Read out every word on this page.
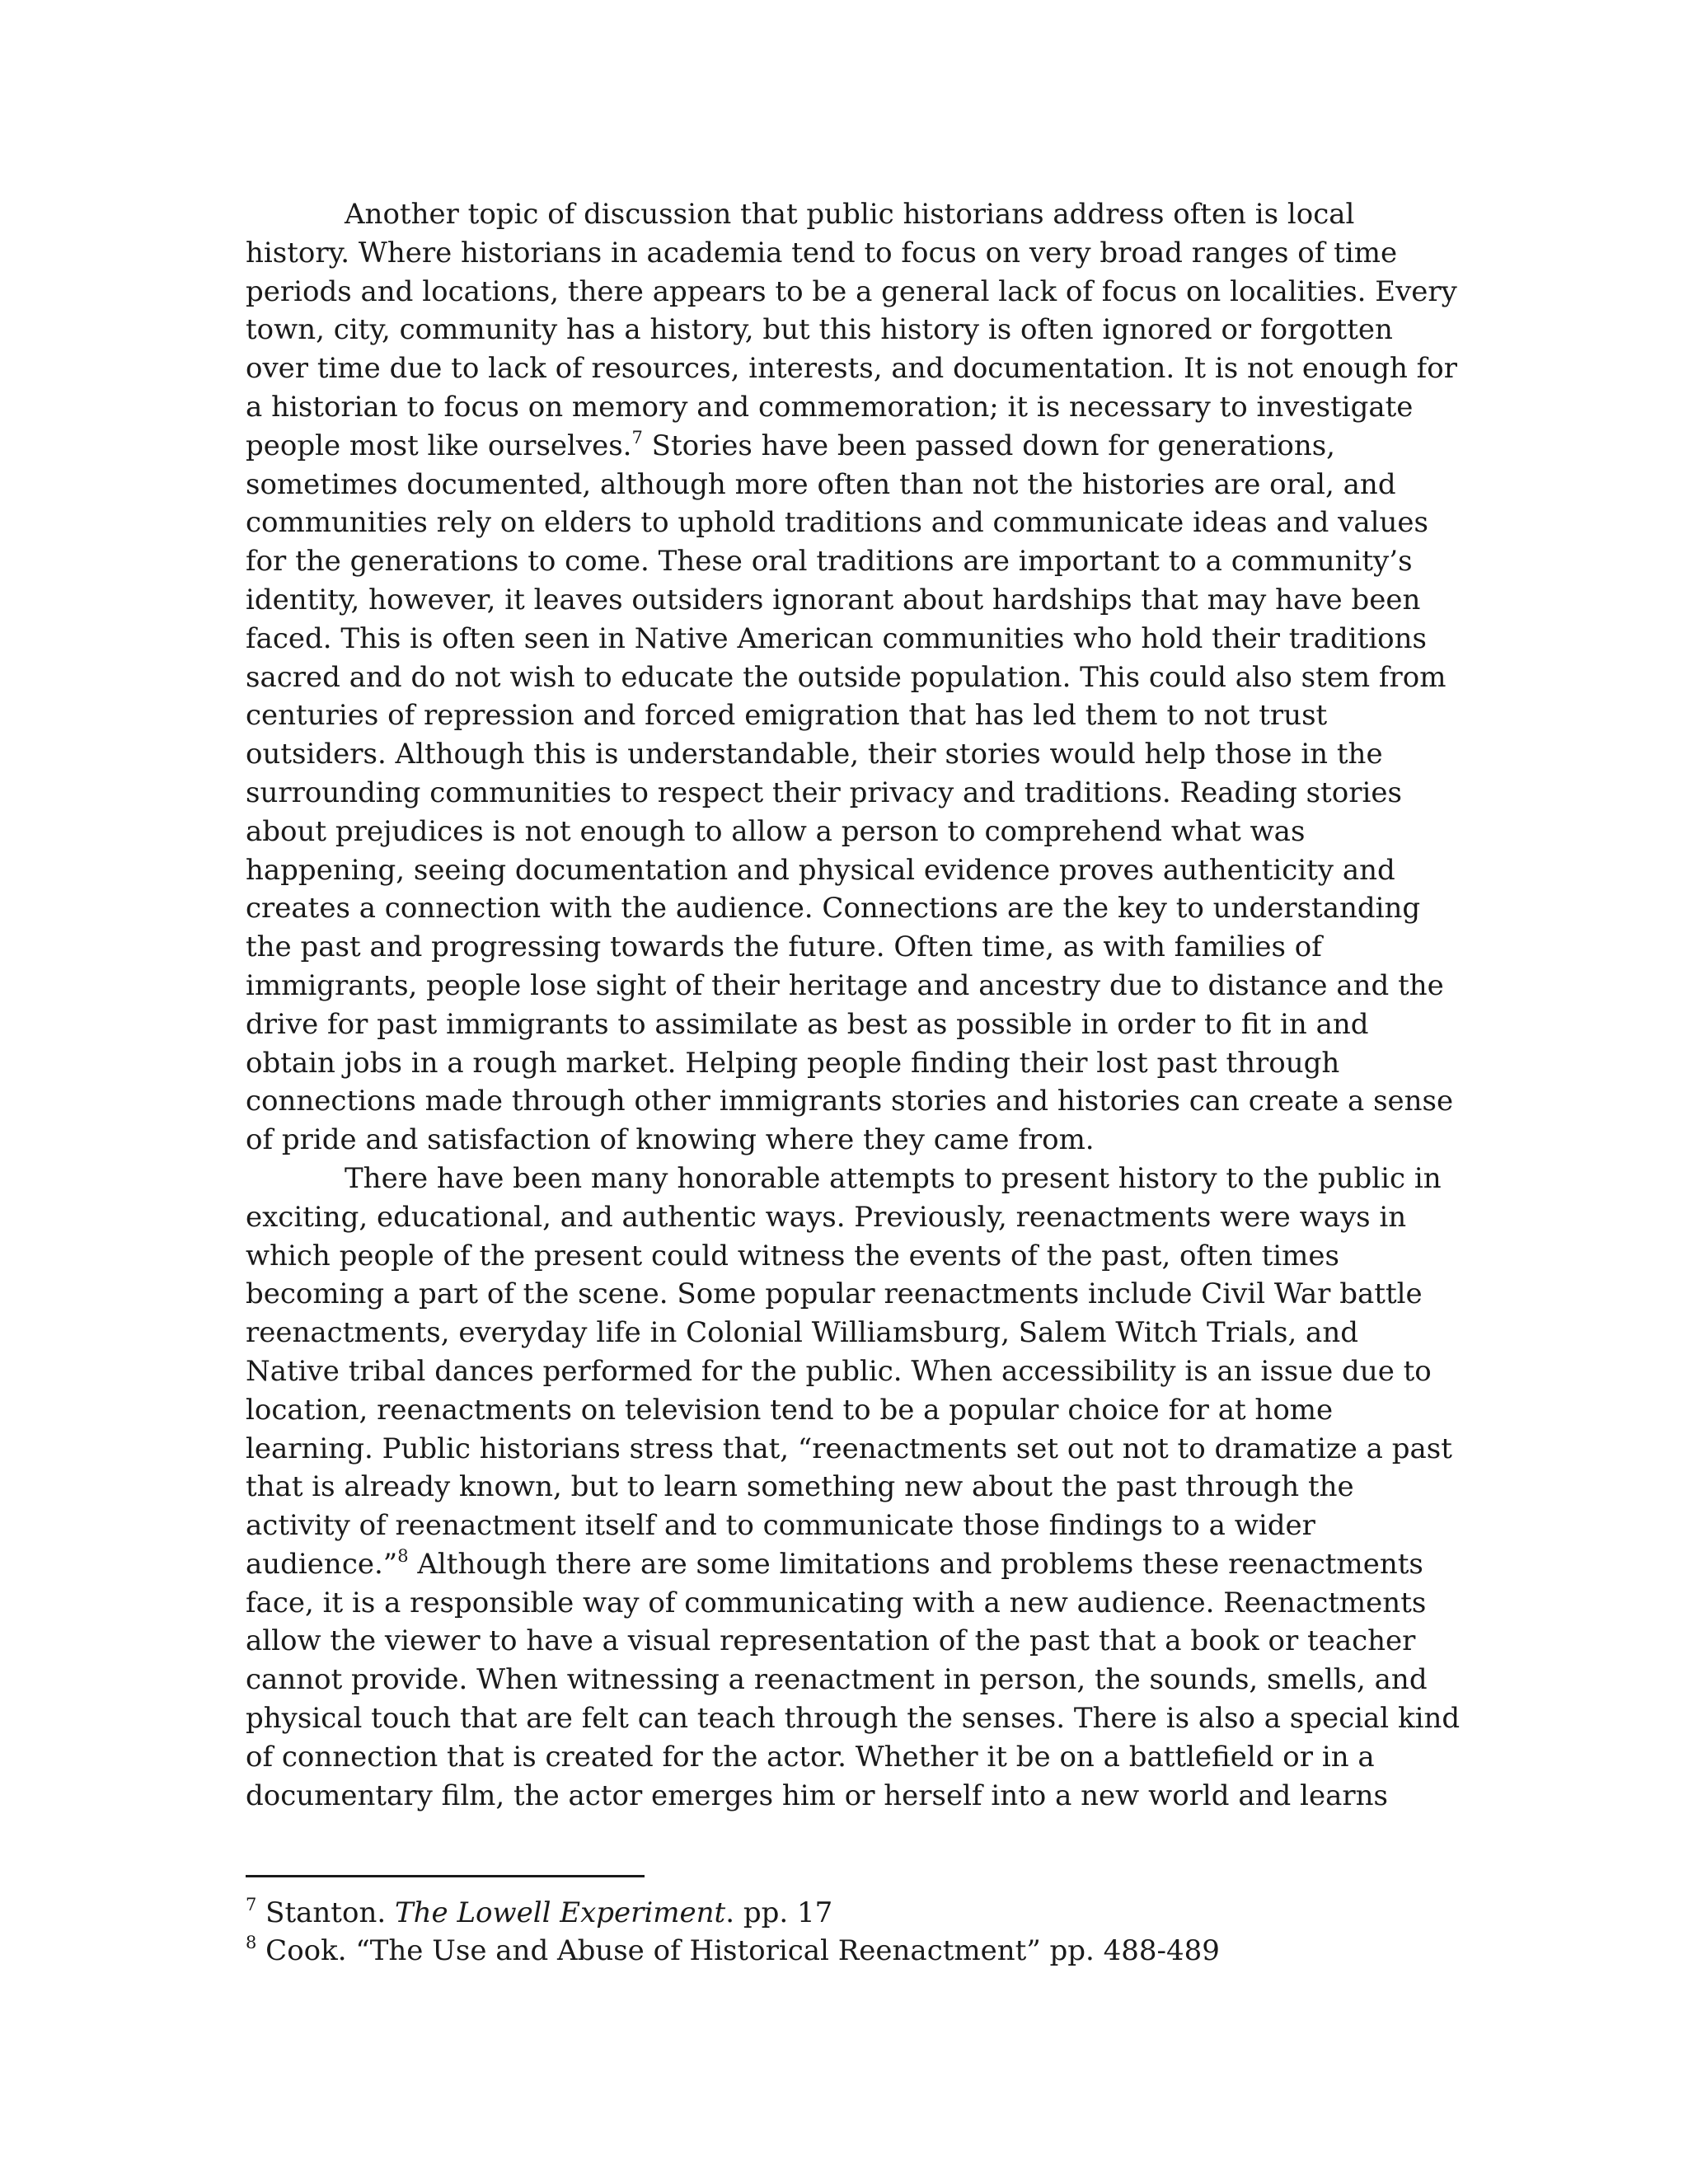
Another topic of discussion that public historians address often is local
history. Where historians in academia tend to focus on very broad ranges of time
periods and locations, there appears to be a general lack of focus on localities. Every
town, city, community has a history, but this history is often ignored or forgotten
over time due to lack of resources, interests, and documentation. It is not enough for
a historian to focus on memory and commemoration; it is necessary to investigate
people most like ourselves.$^7$ Stories have been passed down for generations,
sometimes documented, although more often than not the histories are oral, and
communities rely on elders to uphold traditions and communicate ideas and values
for the generations to come. These oral traditions are important to a community’s
identity, however, it leaves outsiders ignorant about hardships that may have been
faced. This is often seen in Native American communities who hold their traditions
sacred and do not wish to educate the outside population. This could also stem from
centuries of repression and forced emigration that has led them to not trust
outsiders. Although this is understandable, their stories would help those in the
surrounding communities to respect their privacy and traditions. Reading stories
about prejudices is not enough to allow a person to comprehend what was
happening, seeing documentation and physical evidence proves authenticity and
creates a connection with the audience. Connections are the key to understanding
the past and progressing towards the future. Often time, as with families of
immigrants, people lose sight of their heritage and ancestry due to distance and the
drive for past immigrants to assimilate as best as possible in order to fit in and
obtain jobs in a rough market. Helping people finding their lost past through
connections made through other immigrants stories and histories can create a sense
of pride and satisfaction of knowing where they came from.
There have been many honorable attempts to present history to the public in
exciting, educational, and authentic ways. Previously, reenactments were ways in
which people of the present could witness the events of the past, often times
becoming a part of the scene. Some popular reenactments include Civil War battle
reenactments, everyday life in Colonial Williamsburg, Salem Witch Trials, and
Native tribal dances performed for the public. When accessibility is an issue due to
location, reenactments on television tend to be a popular choice for at home
learning. Public historians stress that, “reenactments set out not to dramatize a past
that is already known, but to learn something new about the past through the
activity of reenactment itself and to communicate those findings to a wider
audience.”$^8$ Although there are some limitations and problems these reenactments
face, it is a responsible way of communicating with a new audience. Reenactments
allow the viewer to have a visual representation of the past that a book or teacher
cannot provide. When witnessing a reenactment in person, the sounds, smells, and
physical touch that are felt can teach through the senses. There is also a special kind
of connection that is created for the actor. Whether it be on a battlefield or in a
documentary film, the actor emerges him or herself into a new world and learns
$^7$ Stanton. The Lowell Experiment. pp. 17
$^8$ Cook. “The Use and Abuse of Historical Reenactment” pp. 488-489
